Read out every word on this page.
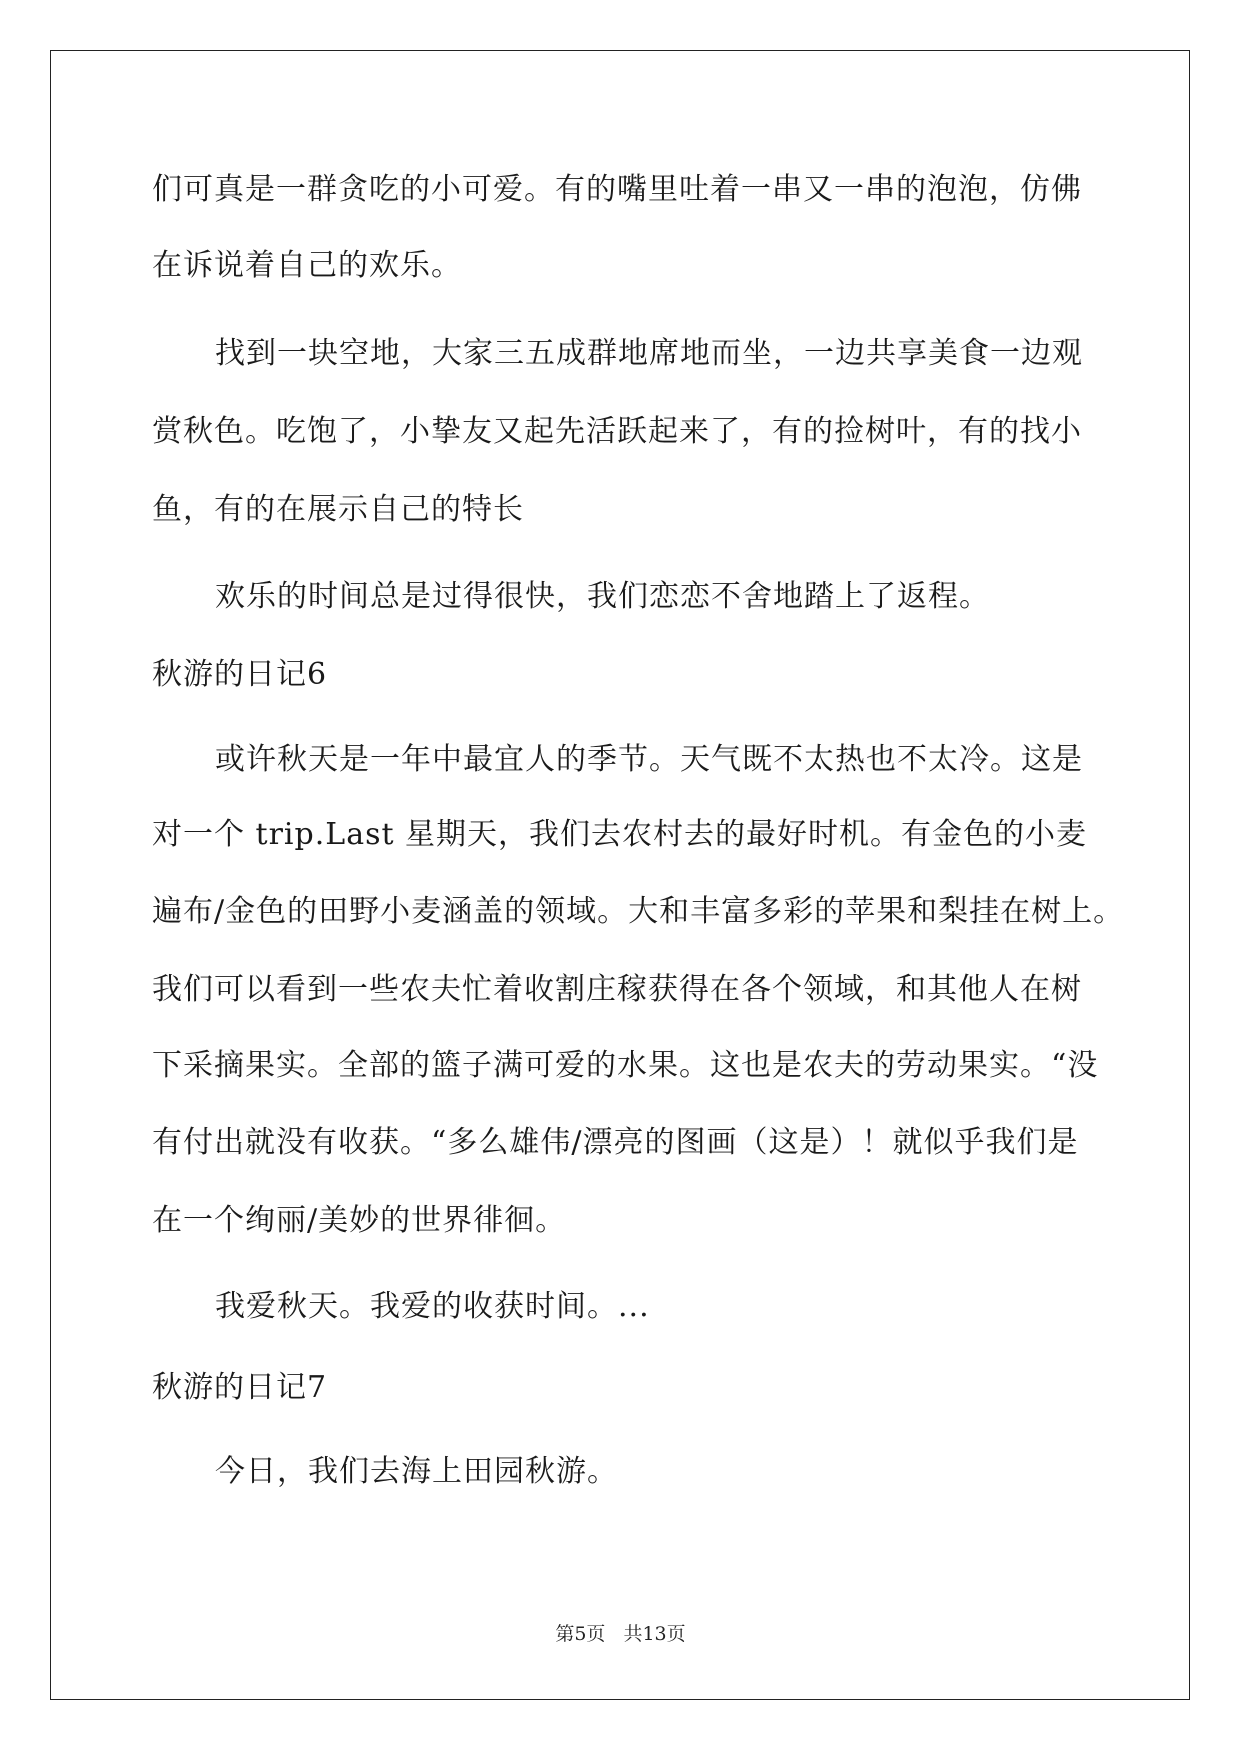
们可真是一群贪吃的小可爱。有的嘴里吐着一串又一串的泡泡，仿佛
在诉说着自己的欢乐。
找到一块空地，大家三五成群地席地而坐，一边共享美食一边观
赏秋色。吃饱了，小挚友又起先活跃起来了，有的捡树叶，有的找小
鱼，有的在展示自己的特长
欢乐的时间总是过得很快，我们恋恋不舍地踏上了返程。
秋游的日记6
或许秋天是一年中最宜人的季节。天气既不太热也不太冷。这是
对一个 trip.Last 星期天，我们去农村去的最好时机。有金色的小麦
遍布/金色的田野小麦涵盖的领域。大和丰富多彩的苹果和梨挂在树上。
我们可以看到一些农夫忙着收割庄稼获得在各个领域，和其他人在树
下采摘果实。全部的篮子满可爱的水果。这也是农夫的劳动果实。“没
有付出就没有收获。“多么雄伟/漂亮的图画（这是）！就似乎我们是
在一个绚丽/美妙的世界徘徊。
我爱秋天。我爱的收获时间。...
秋游的日记7
今日，我们去海上田园秋游。
第5页 共13页
